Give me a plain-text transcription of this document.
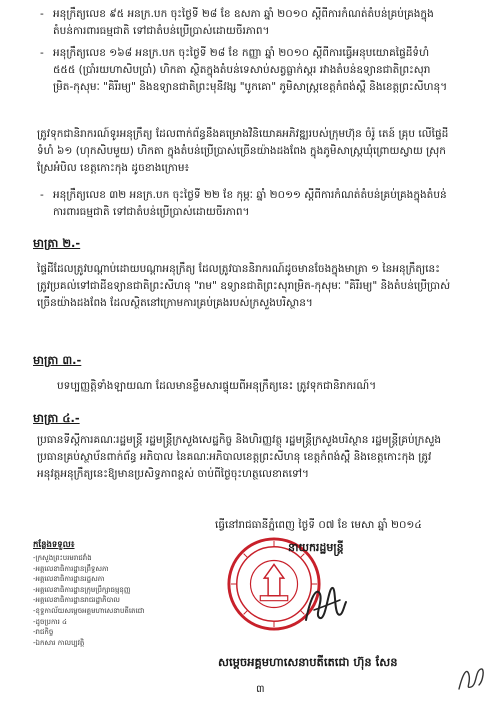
- អនុក្រឹត្យលេខ ៩៥ អនក្រ.បក ចុះថ្ងៃទី ២៨ ខែ ឧសភា ឆ្នាំ ២០១០ ស្តីពីការកំណត់តំបន់គ្រប់គ្រងក្នុងតំបន់ការពារធម្មជាតិ ទៅជាតំបន់ប្រើប្រាស់ដោយចីរភាព។
- អនុក្រឹត្យលេខ ១៦៨ អនក្រ.បក ចុះថ្ងៃទី ២៨ ខែ កញ្ញា ឆ្នាំ ២០១០ ស្តីពីការធ្វើអនុបយោគផ្ទៃដីទំហំ ៥៥៥ (ប្រាំរយហាសិបប្រាំ) ហិកតា ស្ថិតក្នុងតំបន់ទេសាប់សត្វធ្លាក់ស្តរ រវាងតំបន់ឧទ្យានជាតិព្រះសុរាម្រិត-កុសុមៈ "គិរីរម្យ" និងឧទ្យានជាតិព្រះមុនីវង្ស "បូកគោ" ភូមិសាស្ត្រខេត្តកំពង់ស្ពឺ និងខេត្តព្រះសីហនុ។
ត្រូវទុកជានិរាករណ៍ទូរអនុក្រឹត្យ ដែលពាក់ព័ន្ធនឹងគម្រោងវិនិយោគអភិវឌ្ឍរបស់ក្រុមហ៊ុន ចំរ៉ូ តេន៍ គ្រុប លើផ្ទៃដីទំហំ ៦១ (ហុកសិបមួយ) ហិកតា ក្នុងតំបន់ប្រើប្រាស់ច្រើនយ៉ាងដងពែង ក្នុងភូមិសាស្ត្រឃុំព្រោយស្វាយ ស្រុកស្រែអំបិល ខេត្តកោះកុង ដូចខាងក្រោម៖
- អនុក្រឹត្យលេខ ៣២ អនក្រ.បក ចុះថ្ងៃទី ២២ ខែ កុម្ភៈ ឆ្នាំ ២០១១ ស្តីពីការកំណត់តំបន់គ្រប់គ្រងក្នុងតំបន់ការពារធម្មជាតិ ទៅជាតំបន់ប្រើប្រាស់ដោយចីរភាព។
មាត្រា ២.-
ផ្ទៃដីដែលត្រូវបណ្តាប់ដោយបណ្តាអនុក្រឹត្យ ដែលត្រូវបាននិរាករណ៍ដូចមានចែងក្នុងមាត្រា ១ នៃអនុក្រឹត្យនេះ ត្រូវប្រគល់ទៅជាដីឧទ្យានជាតិព្រះសីហនុ "រាម" ឧទ្យានជាតិព្រះសុរាម្រិត-កុសុមៈ "គិរីរម្យ" និងតំបន់ប្រើប្រាស់ច្រើនយ៉ាងដងពែង ដែលស្ថិតនៅក្រោមការគ្រប់គ្រងរបស់ក្រសួងបរិស្ថាន។
មាត្រា ៣.-
បទប្បញ្ញត្តិទាំងឡាយណា ដែលមានខ្លឹមសារផ្ទុយពីអនុក្រឹត្យនេះ ត្រូវទុកជានិរាករណ៍។
មាត្រា ៤.-
ប្រធានទីស្តីការគណៈរដ្ឋមន្ត្រី រដ្ឋមន្ត្រីក្រសួងសេដ្ឋកិច្ច និងហិរញ្ញវត្ថុ រដ្ឋមន្ត្រីក្រសួងបរិស្ថាន រដ្ឋមន្ត្រីគ្រប់ក្រសួង ប្រធានគ្រប់ស្ថាប័នពាក់ព័ន្ធ អភិបាល នៃគណៈអភិបាលខេត្តព្រះសីហនុ ខេត្តកំពង់ស្ពឺ និងខេត្តកោះកុង ត្រូវអនុវត្តអនុក្រឹត្យនេះឱ្យមានប្រសិទ្ធភាពខ្ពស់ ចាប់ពីថ្ងៃចុះហត្ថលេខាតទៅ។
ធ្វើនៅរាជធានីភ្នំពេញ ថ្ងៃទី ០៧ ខែ មេសា ឆ្នាំ ២០១៤
នាយករដ្ឋមន្ត្រី
សម្តេចអគ្គមហាសេនាបតីតេជោ ហ៊ុន សែន
កន្លែងទទួល៖
-ក្រសួងព្រះបរមរាជវាំង
-អគ្គលេខាធិការដ្ឋានព្រឹទ្ធសភា
-អគ្គលេខាធិការដ្ឋានរដ្ឋសភា
-អគ្គលេខាធិការដ្ឋានក្រុមប្រឹក្សាធម្មនុញ្ញ
-អគ្គលេខាធិការដ្ឋានរាជរដ្ឋាភិបាល
-ខុទ្ទកាល័យសម្តេចអគ្គមហាសេនាបតីតេជោ
-ដូចប្រការ ៤
-រាជកិច្ច
-ឯកសារ កាលប្បវត្តិ
៣
